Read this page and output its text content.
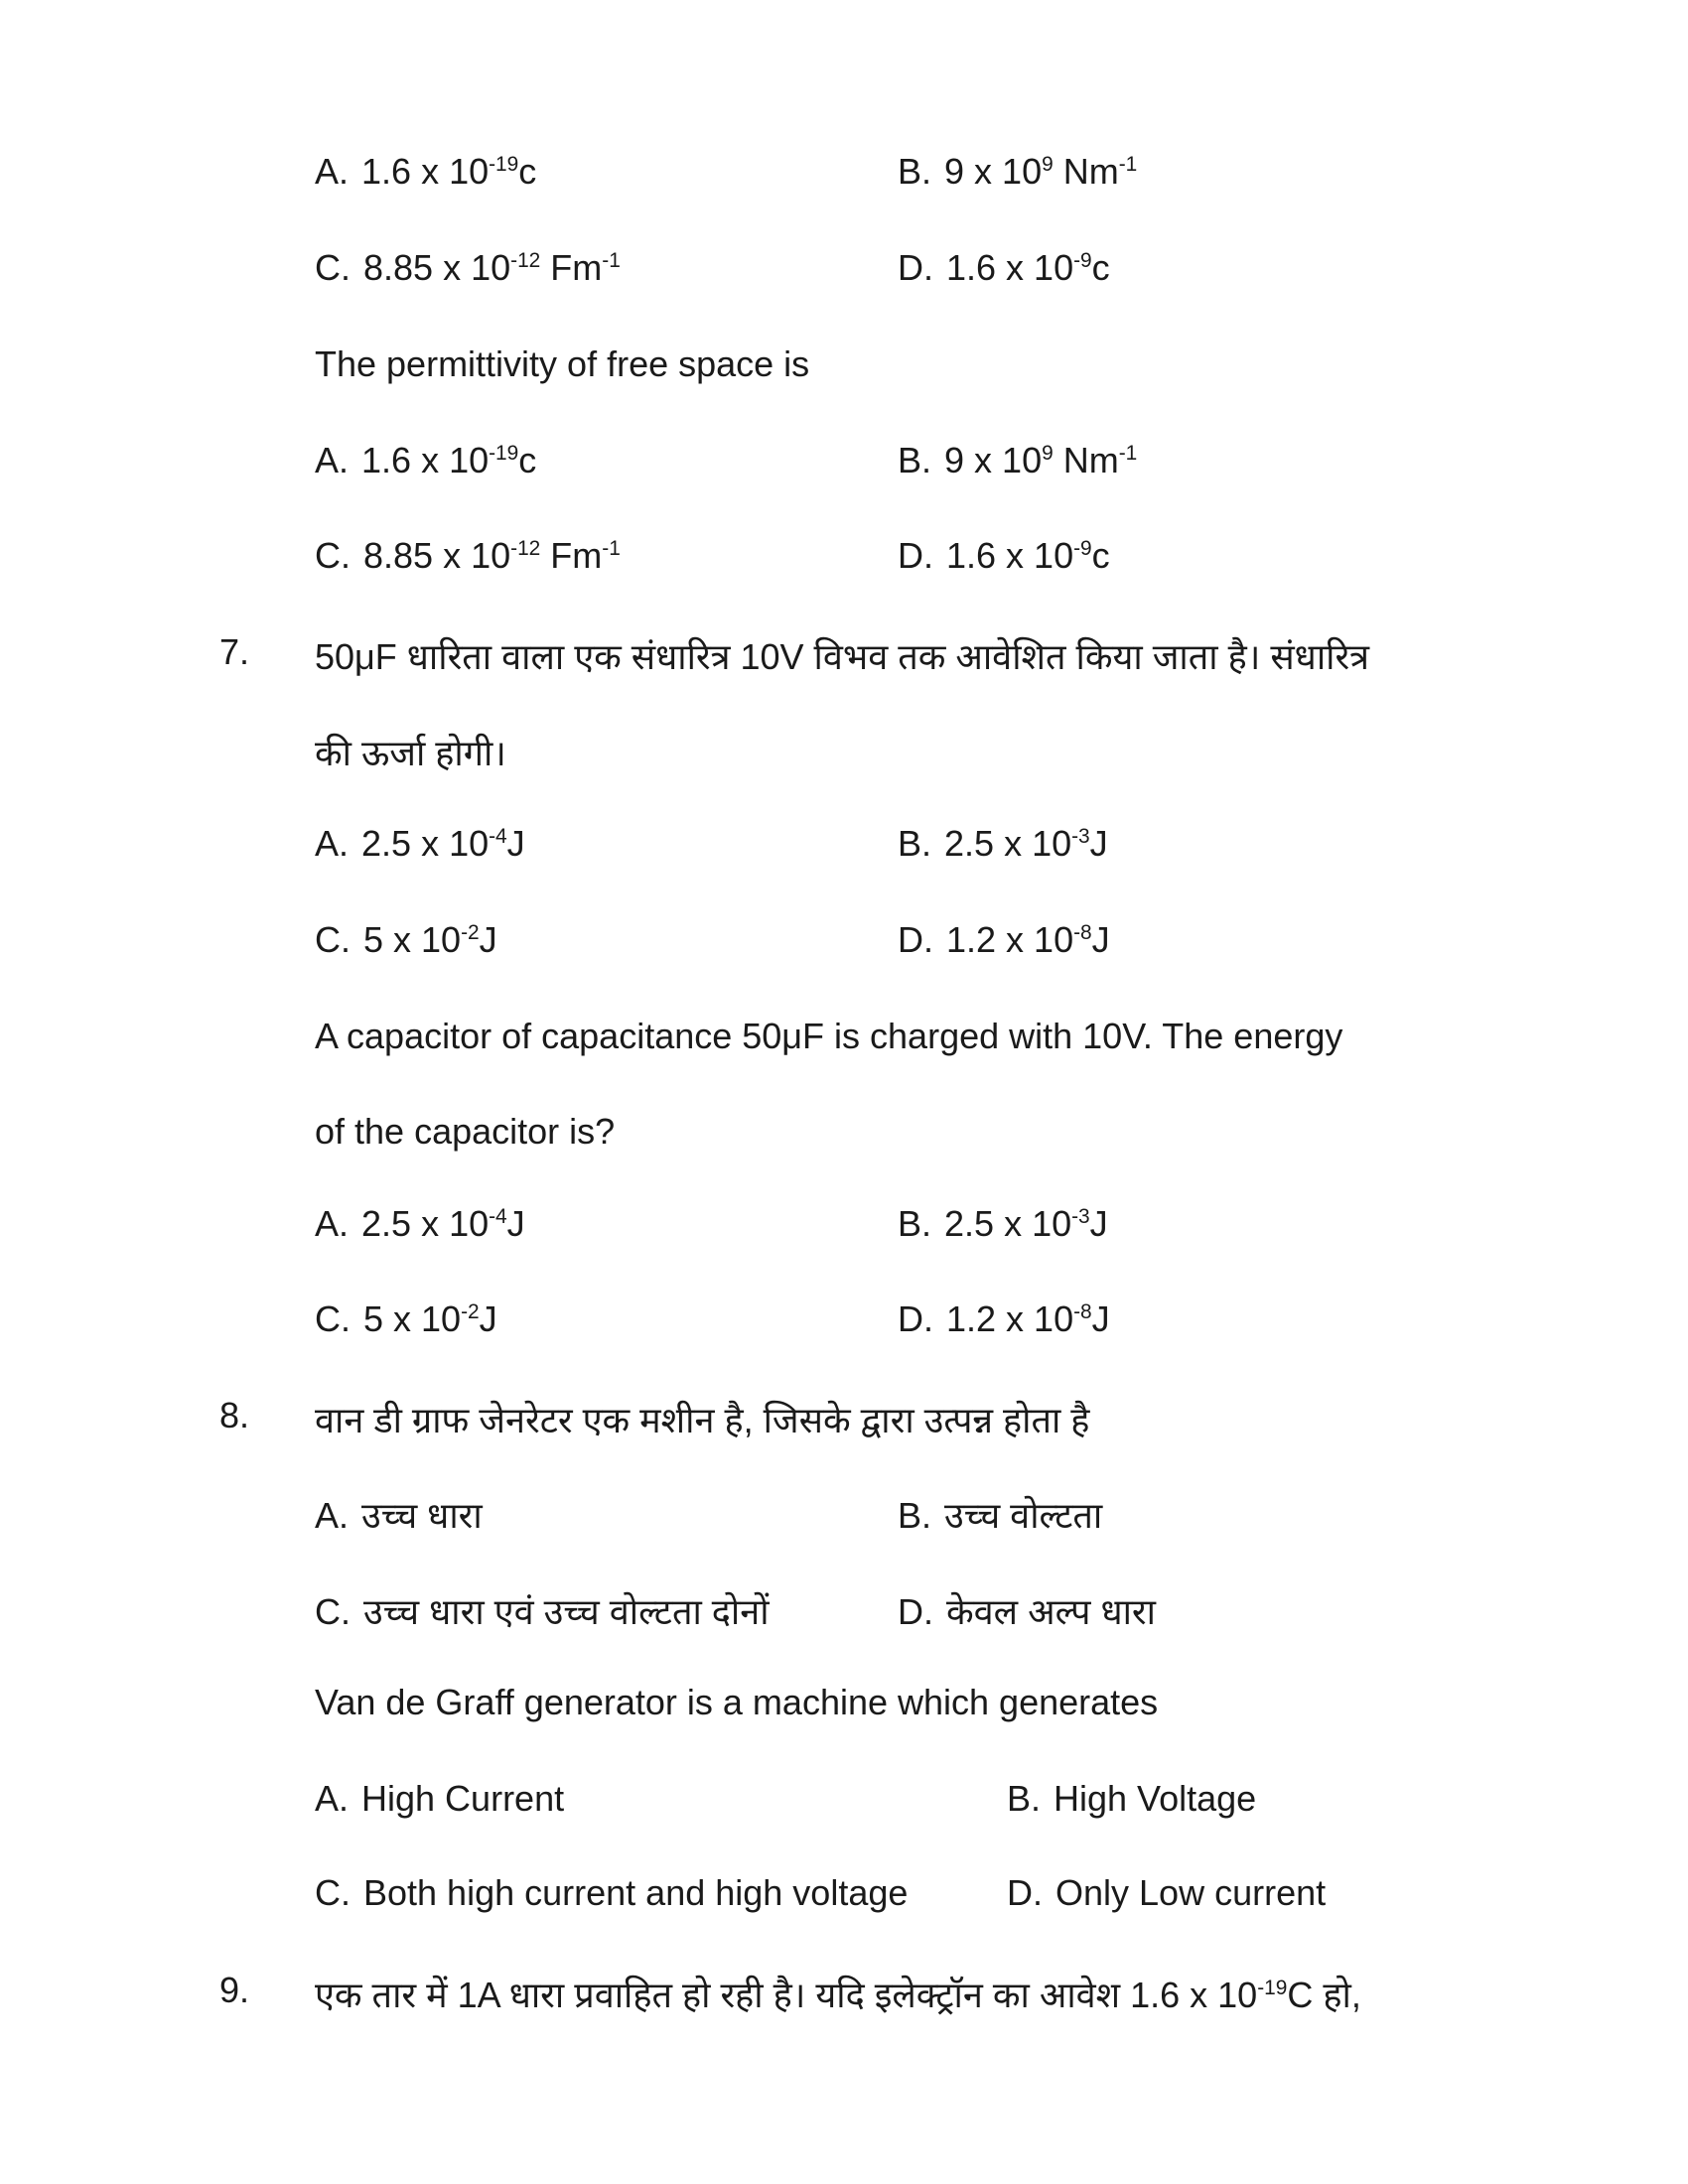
A. 1.6 x $10^{-19}c$	B. 9 x $10^9$ $Nm^{-1}$
C. 8.85 x $10^{-12}$ $Fm^{-1}$	D. 1.6 x $10^{-9}c$
The permittivity of free space is
A. 1.6 x $10^{-19}c$	B. 9 x $10^9$ $Nm^{-1}$
C. 8.85 x $10^{-12}$ $Fm^{-1}$	D. 1.6 x $10^{-9}c$
7. 50μF धारिता वाला एक संधारित्र 10V विभव तक आवेशित किया जाता है। संधारित्र
की ऊर्जा होगी।
A. 2.5 x $10^{-4}J$	B. 2.5 x $10^{-3}J$
C. 5 x $10^{-2}J$	D. 1.2 x $10^{-8}J$
A capacitor of capacitance 50μF is charged with 10V. The energy
of the capacitor is?
A. 2.5 x $10^{-4}J$	B. 2.5 x $10^{-3}J$
C. 5 x $10^{-2}J$	D. 1.2 x $10^{-8}J$
8. वान डी ग्राफ जेनरेटर एक मशीन है, जिसके द्वारा उत्पन्न होता है
A. उच्च धारा	B. उच्च वोल्टता
C. उच्च धारा एवं उच्च वोल्टता दोनों	D. केवल अल्प धारा
Van de Graff generator is a machine which generates
A. High Current	B. High Voltage
C. Both high current and high voltage	D. Only Low current
9. एक तार में 1A धारा प्रवाहित हो रही है। यदि इलेक्ट्रॉन का आवेश 1.6 x $10^{-19}C$ हो,
